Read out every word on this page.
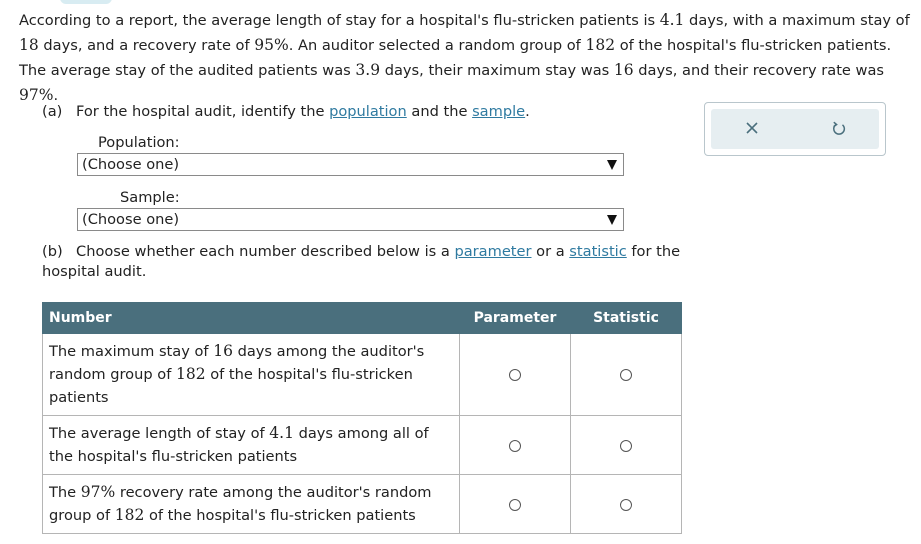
According to a report, the average length of stay for a hospital's flu-stricken patients is 4.1 days, with a maximum stay of 18 days, and a recovery rate of 95%. An auditor selected a random group of 182 of the hospital's flu-stricken patients. The average stay of the audited patients was 3.9 days, their maximum stay was 16 days, and their recovery rate was 97%.

(a) For the hospital audit, identify the population and the sample.

Population:
(Choose one)
Sample:
(Choose one)

(b) Choose whether each number described below is a parameter or a statistic for the hospital audit.

Number	Parameter	Statistic
The maximum stay of 16 days among the auditor's random group of 182 of the hospital's flu-stricken patients		
The average length of stay of 4.1 days among all of the hospital's flu-stricken patients		
The 97% recovery rate among the auditor's random group of 182 of the hospital's flu-stricken patients		
